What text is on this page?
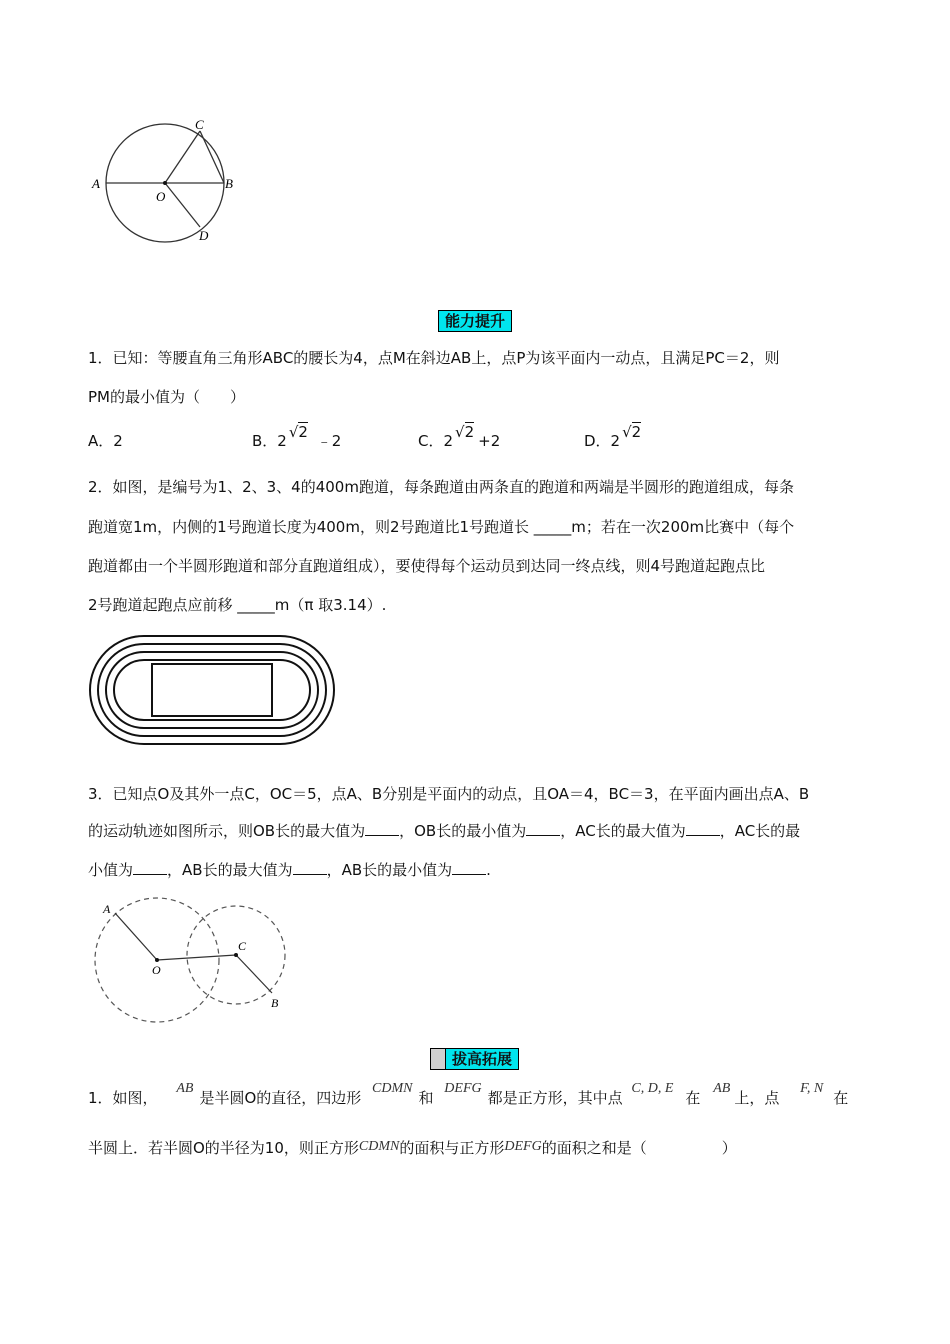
A	B
C
D
O
能力提升
1．已知：等腰直角三角形ABC的腰长为4，点M在斜边AB上，点P为该平面内一动点，且满足PC＝2，则
PM的最小值为（　　）
A．2	B．2 √2 ﹣2	C．2 √2 +2	D．2 √2
2．如图，是编号为1、2、3、4的400m跑道，每条跑道由两条直的跑道和两端是半圆形的跑道组成，每条
跑道宽1m，内侧的1号跑道长度为400m，则2号跑道比1号跑道长 _____m；若在一次200m比赛中（每个
跑道都由一个半圆形跑道和部分直跑道组成），要使得每个运动员到达同一终点线，则4号跑道起跑点比
2号跑道起跑点应前移 _____m（π 取3.14）.
3．已知点O及其外一点C，OC＝5，点A、B分别是平面内的动点，且OA＝4，BC＝3，在平面内画出点A、B
的运动轨迹如图所示，则OB长的最大值为 ，OB长的最小值为 ，AC长的最大值为 ，AC长的最
小值为 ，AB长的最大值为 ，AB长的最小值为 .
A
O
C
B
拔高拓展
1．如图， AB是半圆O的直径，四边形 CDMN和 DEFG都是正方形，其中点 C, D, E在 AB上，点 F, N在
半圆上．若半圆O的半径为10，则正方形CDMN的面积与正方形DEFG的面积之和是（　　　　　）
